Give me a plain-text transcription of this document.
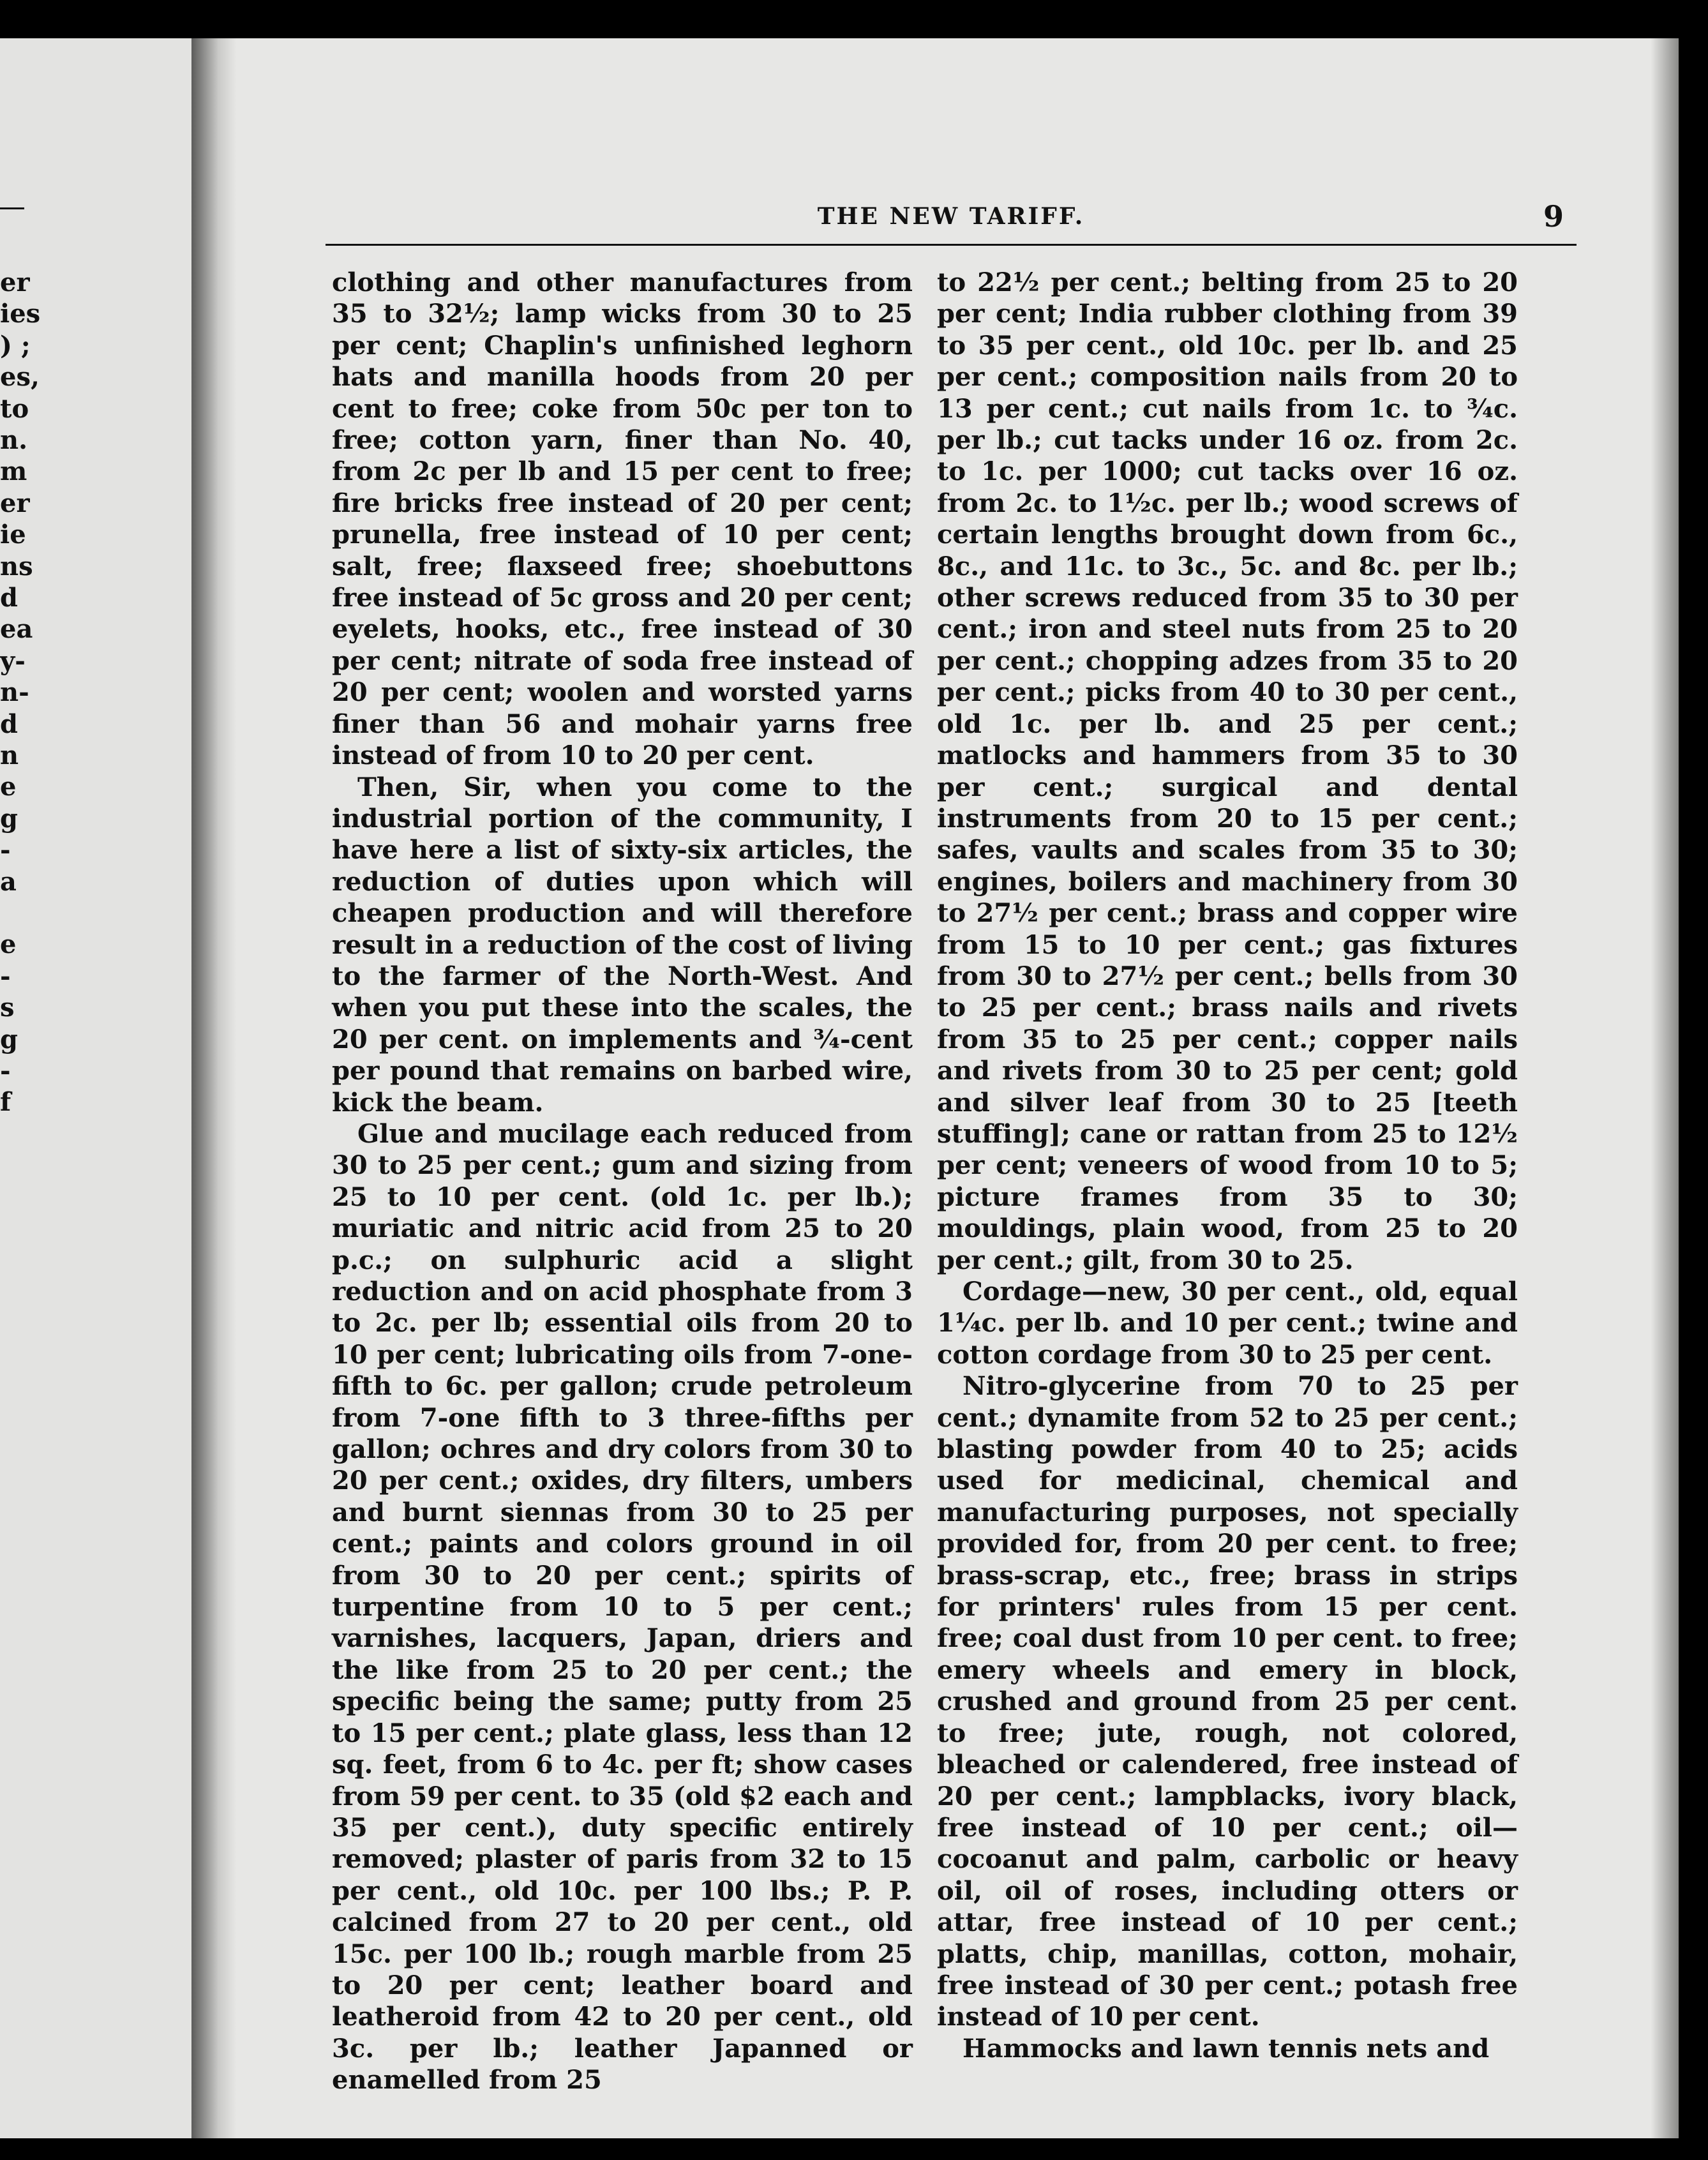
er
ies
) ;
es,
to
n.
m
er
ie
ns
d
ea
y-
n-
d
n
e
g
-
a
e
-
s
g
-
f
THE NEW TARIFF.	9

clothing and other manufactures from 35 to 32½; lamp wicks from 30 to 25 per cent; Chaplin's unfinished leghorn hats and manilla hoods from 20 per cent to free; coke from 50c per ton to free; cotton yarn, finer than No. 40, from 2c per lb and 15 per cent to free; fire bricks free instead of 20 per cent; prunella, free instead of 10 per cent; salt, free; flaxseed free; shoebuttons free instead of 5c gross and 20 per cent; eyelets, hooks, etc., free instead of 30 per cent; nitrate of soda free instead of 20 per cent; woolen and worsted yarns finer than 56 and mohair yarns free instead of from 10 to 20 per cent.

Then, Sir, when you come to the industrial portion of the community, I have here a list of sixty-six articles, the reduction of duties upon which will cheapen production and will therefore result in a reduction of the cost of living to the farmer of the North-West. And when you put these into the scales, the 20 per cent. on implements and ¾-cent per pound that remains on barbed wire, kick the beam.

Glue and mucilage each reduced from 30 to 25 per cent.; gum and sizing from 25 to 10 per cent. (old 1c. per lb.); muriatic and nitric acid from 25 to 20 p.c.; on sulphuric acid a slight reduction and on acid phosphate from 3 to 2c. per lb; essential oils from 20 to 10 per cent; lubricating oils from 7-one-fifth to 6c. per gallon; crude petroleum from 7-one fifth to 3 three-fifths per gallon; ochres and dry colors from 30 to 20 per cent.; oxides, dry filters, umbers and burnt siennas from 30 to 25 per cent.; paints and colors ground in oil from 30 to 20 per cent.; spirits of turpentine from 10 to 5 per cent.; varnishes, lacquers, Japan, driers and the like from 25 to 20 per cent.; the specific being the same; putty from 25 to 15 per cent.; plate glass, less than 12 sq. feet, from 6 to 4c. per ft; show cases from 59 per cent. to 35 (old $2 each and 35 per cent.), duty specific entirely removed; plaster of paris from 32 to 15 per cent., old 10c. per 100 lbs.; P. P. calcined from 27 to 20 per cent., old 15c. per 100 lb.; rough marble from 25 to 20 per cent; leather board and leatheroid from 42 to 20 per cent., old 3c. per lb.; leather Japanned or enamelled from 25

to 22½ per cent.; belting from 25 to 20 per cent; India rubber clothing from 39 to 35 per cent., old 10c. per lb. and 25 per cent.; composition nails from 20 to 13 per cent.; cut nails from 1c. to ¾c. per lb.; cut tacks under 16 oz. from 2c. to 1c. per 1000; cut tacks over 16 oz. from 2c. to 1½c. per lb.; wood screws of certain lengths brought down from 6c., 8c., and 11c. to 3c., 5c. and 8c. per lb.; other screws reduced from 35 to 30 per cent.; iron and steel nuts from 25 to 20 per cent.; chopping adzes from 35 to 20 per cent.; picks from 40 to 30 per cent., old 1c. per lb. and 25 per cent.; matlocks and hammers from 35 to 30 per cent.; surgical and dental instruments from 20 to 15 per cent.; safes, vaults and scales from 35 to 30; engines, boilers and machinery from 30 to 27½ per cent.; brass and copper wire from 15 to 10 per cent.; gas fixtures from 30 to 27½ per cent.; bells from 30 to 25 per cent.; brass nails and rivets from 35 to 25 per cent.; copper nails and rivets from 30 to 25 per cent; gold and silver leaf from 30 to 25 [teeth stuffing]; cane or rattan from 25 to 12½ per cent; veneers of wood from 10 to 5; picture frames from 35 to 30; mouldings, plain wood, from 25 to 20 per cent.; gilt, from 30 to 25.

Cordage—new, 30 per cent., old, equal 1¼c. per lb. and 10 per cent.; twine and cotton cordage from 30 to 25 per cent.

Nitro-glycerine from 70 to 25 per cent.; dynamite from 52 to 25 per cent.; blasting powder from 40 to 25; acids used for medicinal, chemical and manufacturing purposes, not specially provided for, from 20 per cent. to free; brass-scrap, etc., free; brass in strips for printers' rules from 15 per cent. free; coal dust from 10 per cent. to free; emery wheels and emery in block, crushed and ground from 25 per cent. to free; jute, rough, not colored, bleached or calendered, free instead of 20 per cent.; lampblacks, ivory black, free instead of 10 per cent.; oil—cocoanut and palm, carbolic or heavy oil, oil of roses, including otters or attar, free instead of 10 per cent.; platts, chip, manillas, cotton, mohair, free instead of 30 per cent.; potash free instead of 10 per cent.

Hammocks and lawn tennis nets and
